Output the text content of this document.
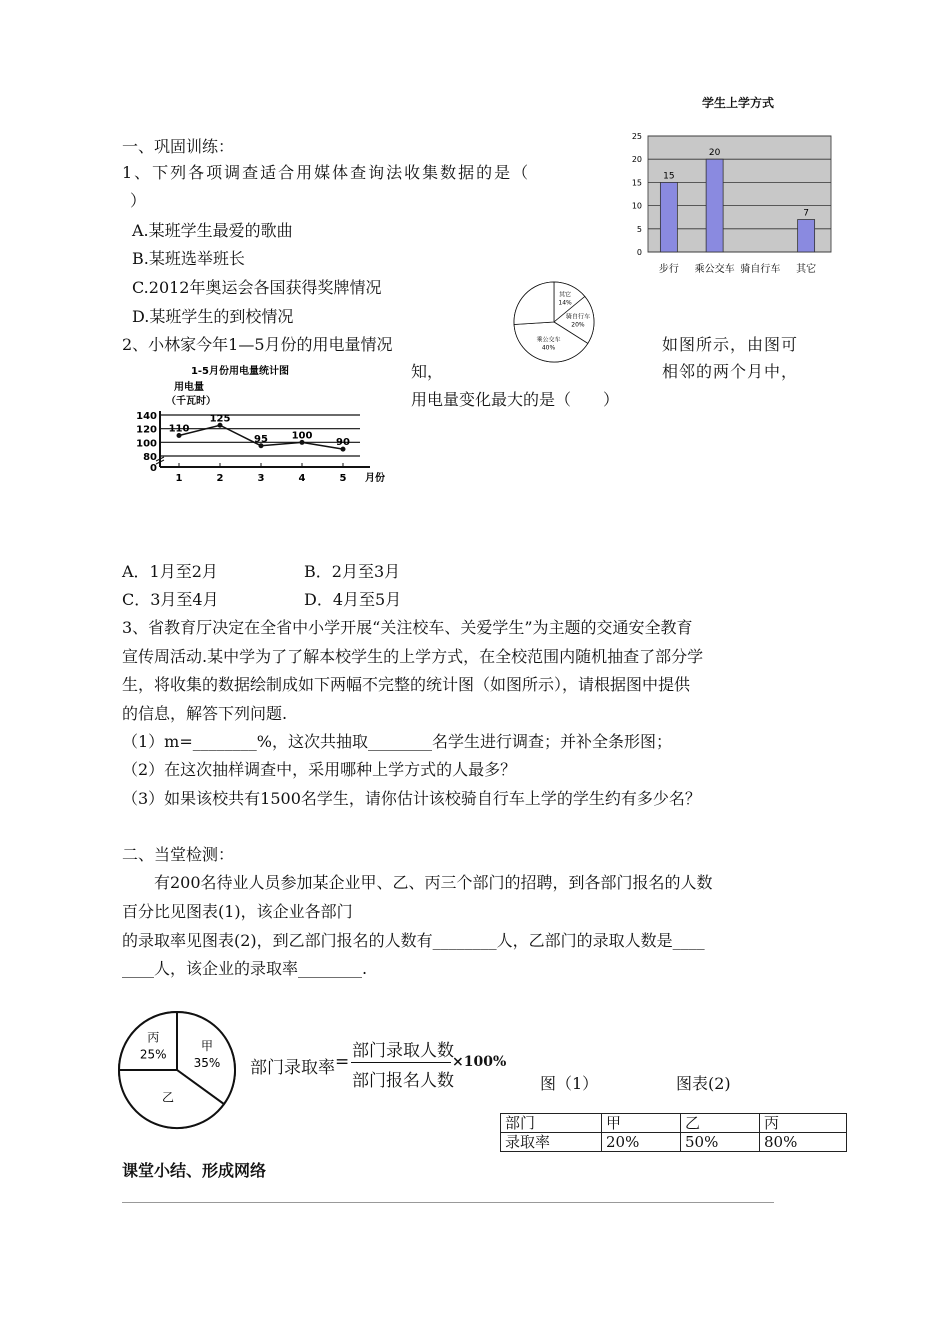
一、巩固训练：
1、下列各项调查适合用媒体查询法收集数据的是（
）
A.某班学生最爱的歌曲
B.某班选举班长
C.2012年奥运会各国获得奖牌情况
D.某班学生的到校情况
2、小林家今年1—5月份的用电量情况	如图所示，由图可
知，	相邻的两个月中，
用电量变化最大的是（　　）
A．1月至2月	B．2月至3月
C．3月至4月	D．4月至5月
3、省教育厅决定在全省中小学开展“关注校车、关爱学生”为主题的交通安全教育
宣传周活动.某中学为了了解本校学生的上学方式，在全校范围内随机抽查了部分学
生，将收集的数据绘制成如下两幅不完整的统计图（如图所示），请根据图中提供
的信息，解答下列问题.
（1）m=________%，这次共抽取________名学生进行调查；并补全条形图；
（2）在这次抽样调查中，采用哪种上学方式的人最多？
（3）如果该校共有1500名学生，请你估计该校骑自行车上学的学生约有多少名？
二、当堂检测：
有200名待业人员参加某企业甲、乙、丙三个部门的招聘，到各部门报名的人数
百分比见图表(1)，该企业各部门
的录取率见图表(2)，到乙部门报名的人数有________人，乙部门的录取人数是____
____人，该企业的录取率________.
部门录取率 =
部门录取人数
部门报名人数
×100%
图（1）	图表(2)
部门	甲	乙	丙
录取率	20%	50%	80%
课堂小结、形成网络
学生上学方式
0
5
10
15
20
25
15
步行
20
乘公交车 骑自行车
7
其它
其它 14%
骑自行车 20%
乘公交车 40%
1-5月份用电量统计图
用电量
（千瓦时）
0
80
100
120
140
1	2	3	4	5 月份
110
125
95 100
90
甲 35%
乙
丙 25%
